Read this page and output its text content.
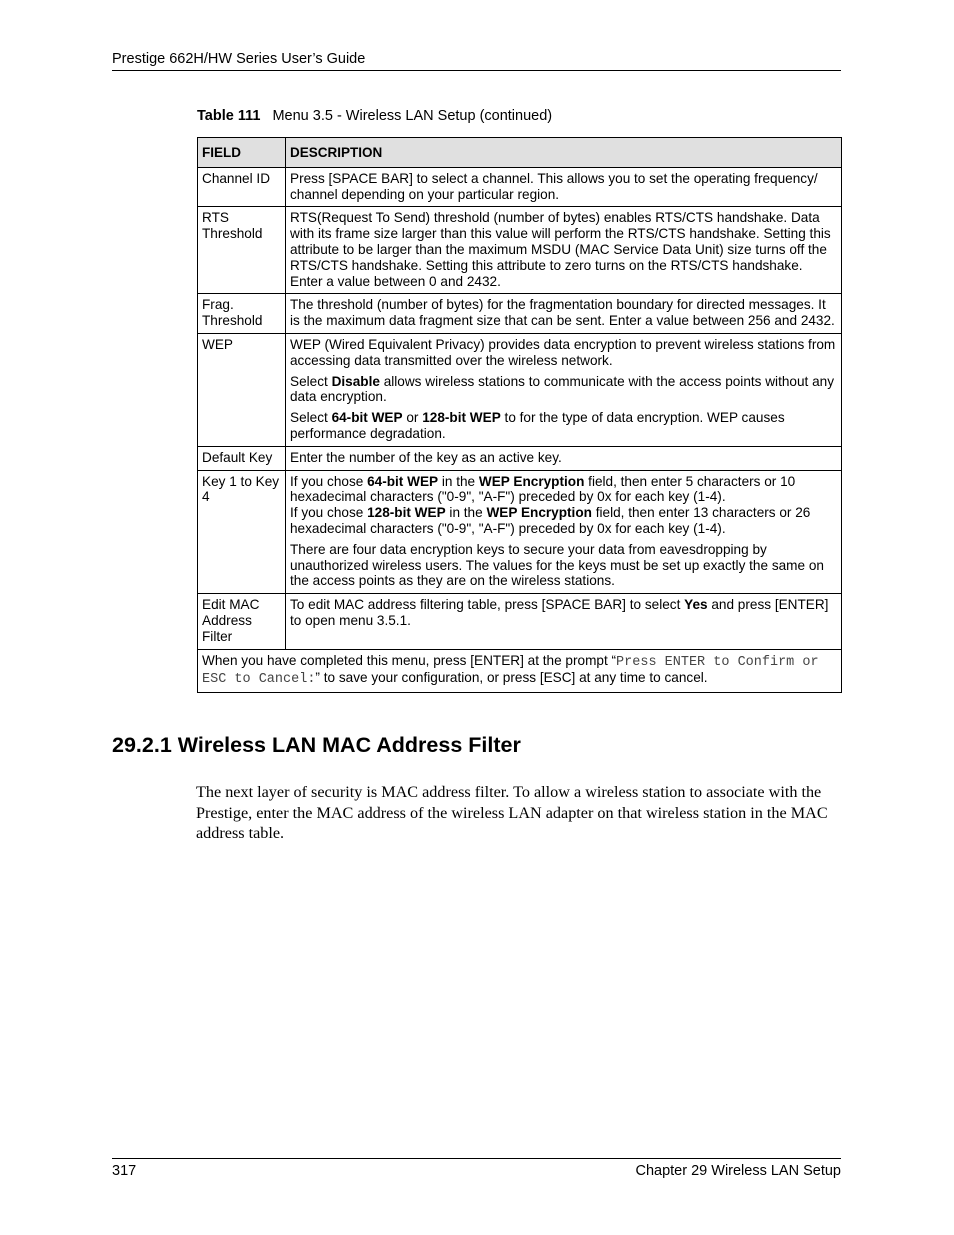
Prestige 662H/HW Series User’s Guide
Table 111 Menu 3.5 - Wireless LAN Setup (continued)
FIELD	DESCRIPTION
Channel ID	Press [SPACE BAR] to select a channel. This allows you to set the operating frequency/ channel depending on your particular region.

RTS Threshold	RTS(Request To Send) threshold (number of bytes) enables RTS/CTS handshake. Data with its frame size larger than this value will perform the RTS/CTS handshake. Setting this attribute to be larger than the maximum MSDU (MAC Service Data Unit) size turns off the RTS/CTS handshake. Setting this attribute to zero turns on the RTS/CTS handshake. Enter a value between 0 and 2432.

Frag. Threshold	The threshold (number of bytes) for the fragmentation boundary for directed messages. It is the maximum data fragment size that can be sent. Enter a value between 256 and 2432.

WEP	WEP (Wired Equivalent Privacy) provides data encryption to prevent wireless stations from accessing data transmitted over the wireless network.
Select Disable allows wireless stations to communicate with the access points without any data encryption.
Select 64-bit WEP or 128-bit WEP to for the type of data encryption. WEP causes performance degradation.

Default Key	Enter the number of the key as an active key.

Key 1 to Key 4	If you chose 64-bit WEP in the WEP Encryption field, then enter 5 characters or 10 hexadecimal characters ("0-9", "A-F") preceded by 0x for each key (1-4).
If you chose 128-bit WEP in the WEP Encryption field, then enter 13 characters or 26 hexadecimal characters ("0-9", "A-F") preceded by 0x for each key (1-4).
There are four data encryption keys to secure your data from eavesdropping by unauthorized wireless users. The values for the keys must be set up exactly the same on the access points as they are on the wireless stations.

Edit MAC Address Filter	To edit MAC address filtering table, press [SPACE BAR] to select Yes and press [ENTER] to open menu 3.5.1.

When you have completed this menu, press [ENTER] at the prompt “Press ENTER to Confirm or ESC to Cancel:” to save your configuration, or press [ESC] at any time to cancel.	
29.2.1 Wireless LAN MAC Address Filter

The next layer of security is MAC address filter. To allow a wireless station to associate with the Prestige, enter the MAC address of the wireless LAN adapter on that wireless station in the MAC address table.

317	Chapter 29 Wireless LAN Setup
